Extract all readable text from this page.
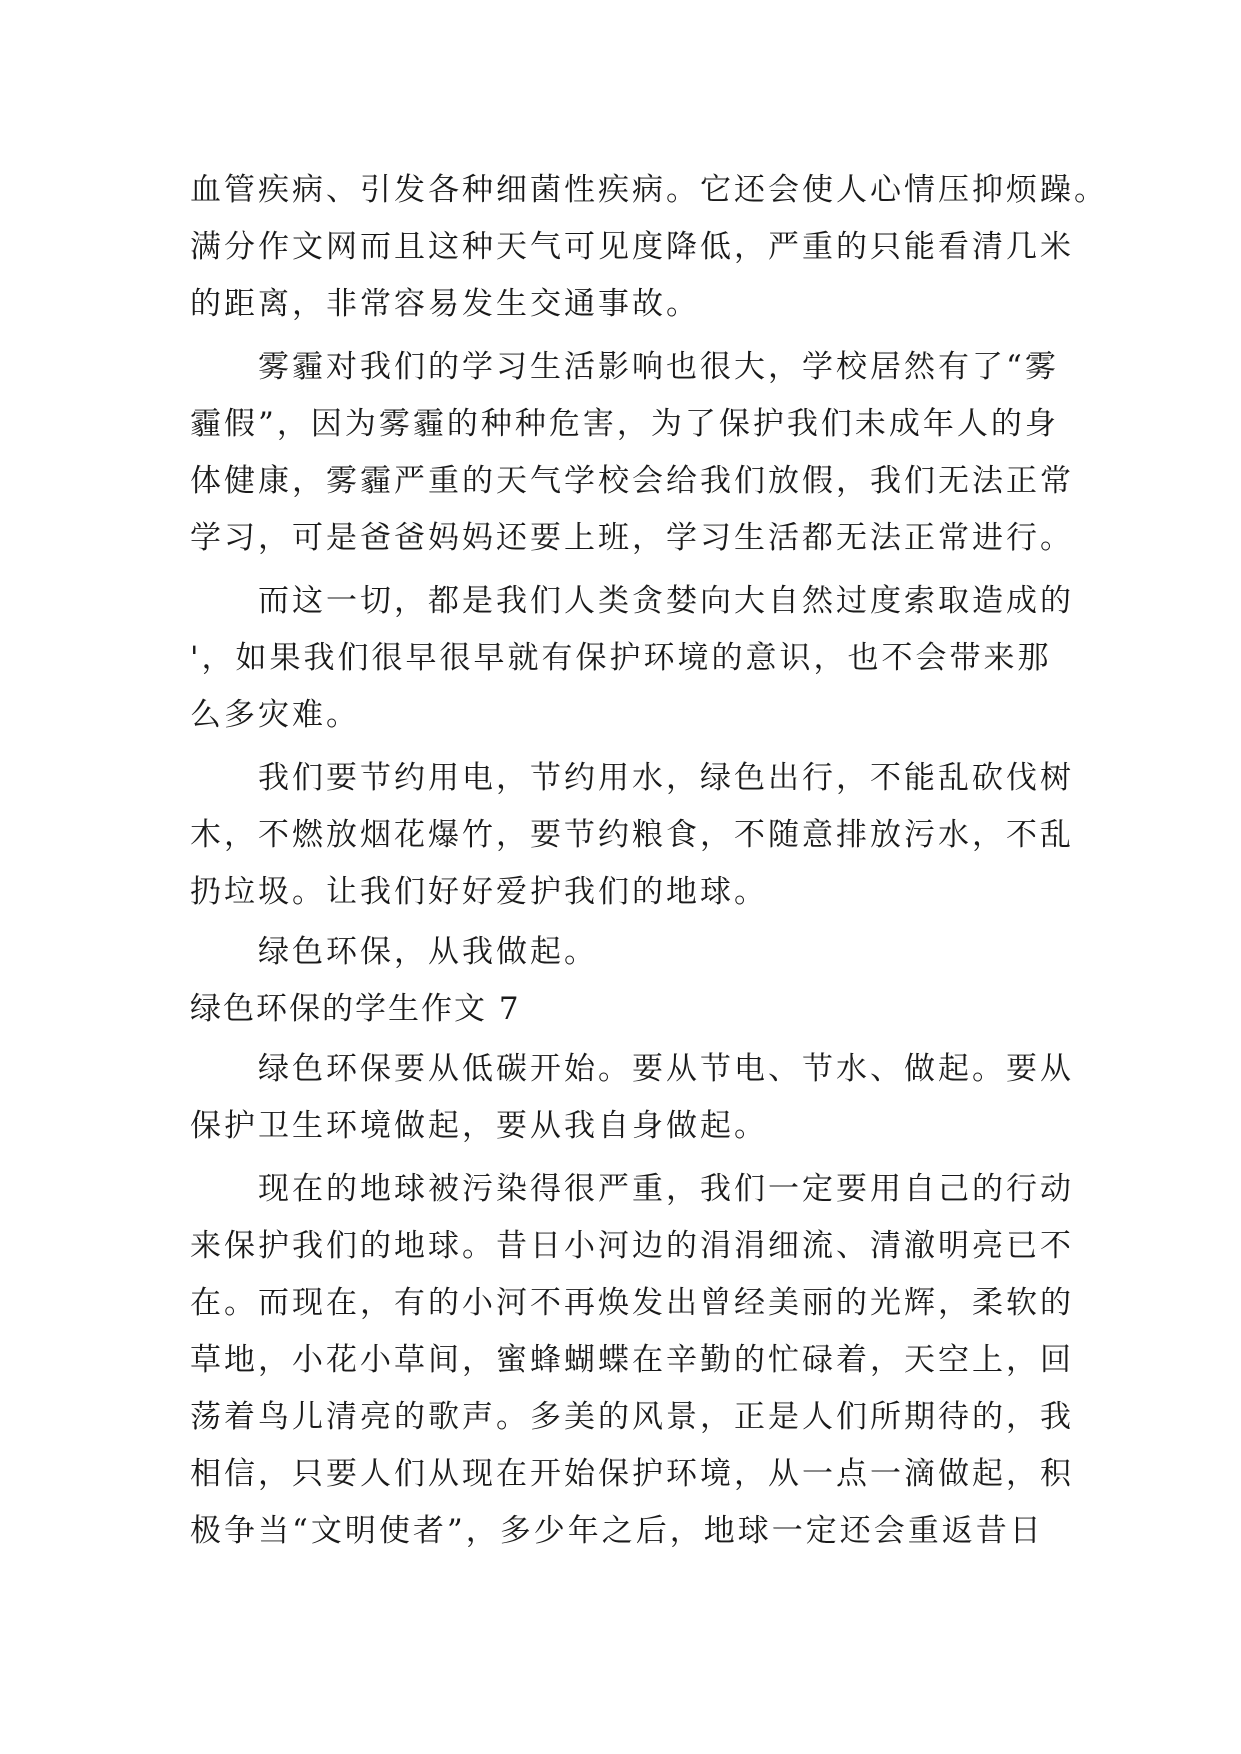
血管疾病、引发各种细菌性疾病。它还会使人心情压抑烦躁。
满分作文网而且这种天气可见度降低，严重的只能看清几米
的距离，非常容易发生交通事故。
雾霾对我们的学习生活影响也很大，学校居然有了“雾
霾假”，因为雾霾的种种危害，为了保护我们未成年人的身
体健康，雾霾严重的天气学校会给我们放假，我们无法正常
学习，可是爸爸妈妈还要上班，学习生活都无法正常进行。
而这一切，都是我们人类贪婪向大自然过度索取造成的
'，如果我们很早很早就有保护环境的意识，也不会带来那
么多灾难。
我们要节约用电，节约用水，绿色出行，不能乱砍伐树
木，不燃放烟花爆竹，要节约粮食，不随意排放污水，不乱
扔垃圾。让我们好好爱护我们的地球。
绿色环保，从我做起。
绿色环保的学生作文 7
绿色环保要从低碳开始。要从节电、节水、做起。要从
保护卫生环境做起，要从我自身做起。
现在的地球被污染得很严重，我们一定要用自己的行动
来保护我们的地球。昔日小河边的涓涓细流、清澈明亮已不
在。而现在，有的小河不再焕发出曾经美丽的光辉，柔软的
草地，小花小草间，蜜蜂蝴蝶在辛勤的忙碌着，天空上，回
荡着鸟儿清亮的歌声。多美的风景，正是人们所期待的，我
相信，只要人们从现在开始保护环境，从一点一滴做起，积
极争当“文明使者”，多少年之后，地球一定还会重返昔日
